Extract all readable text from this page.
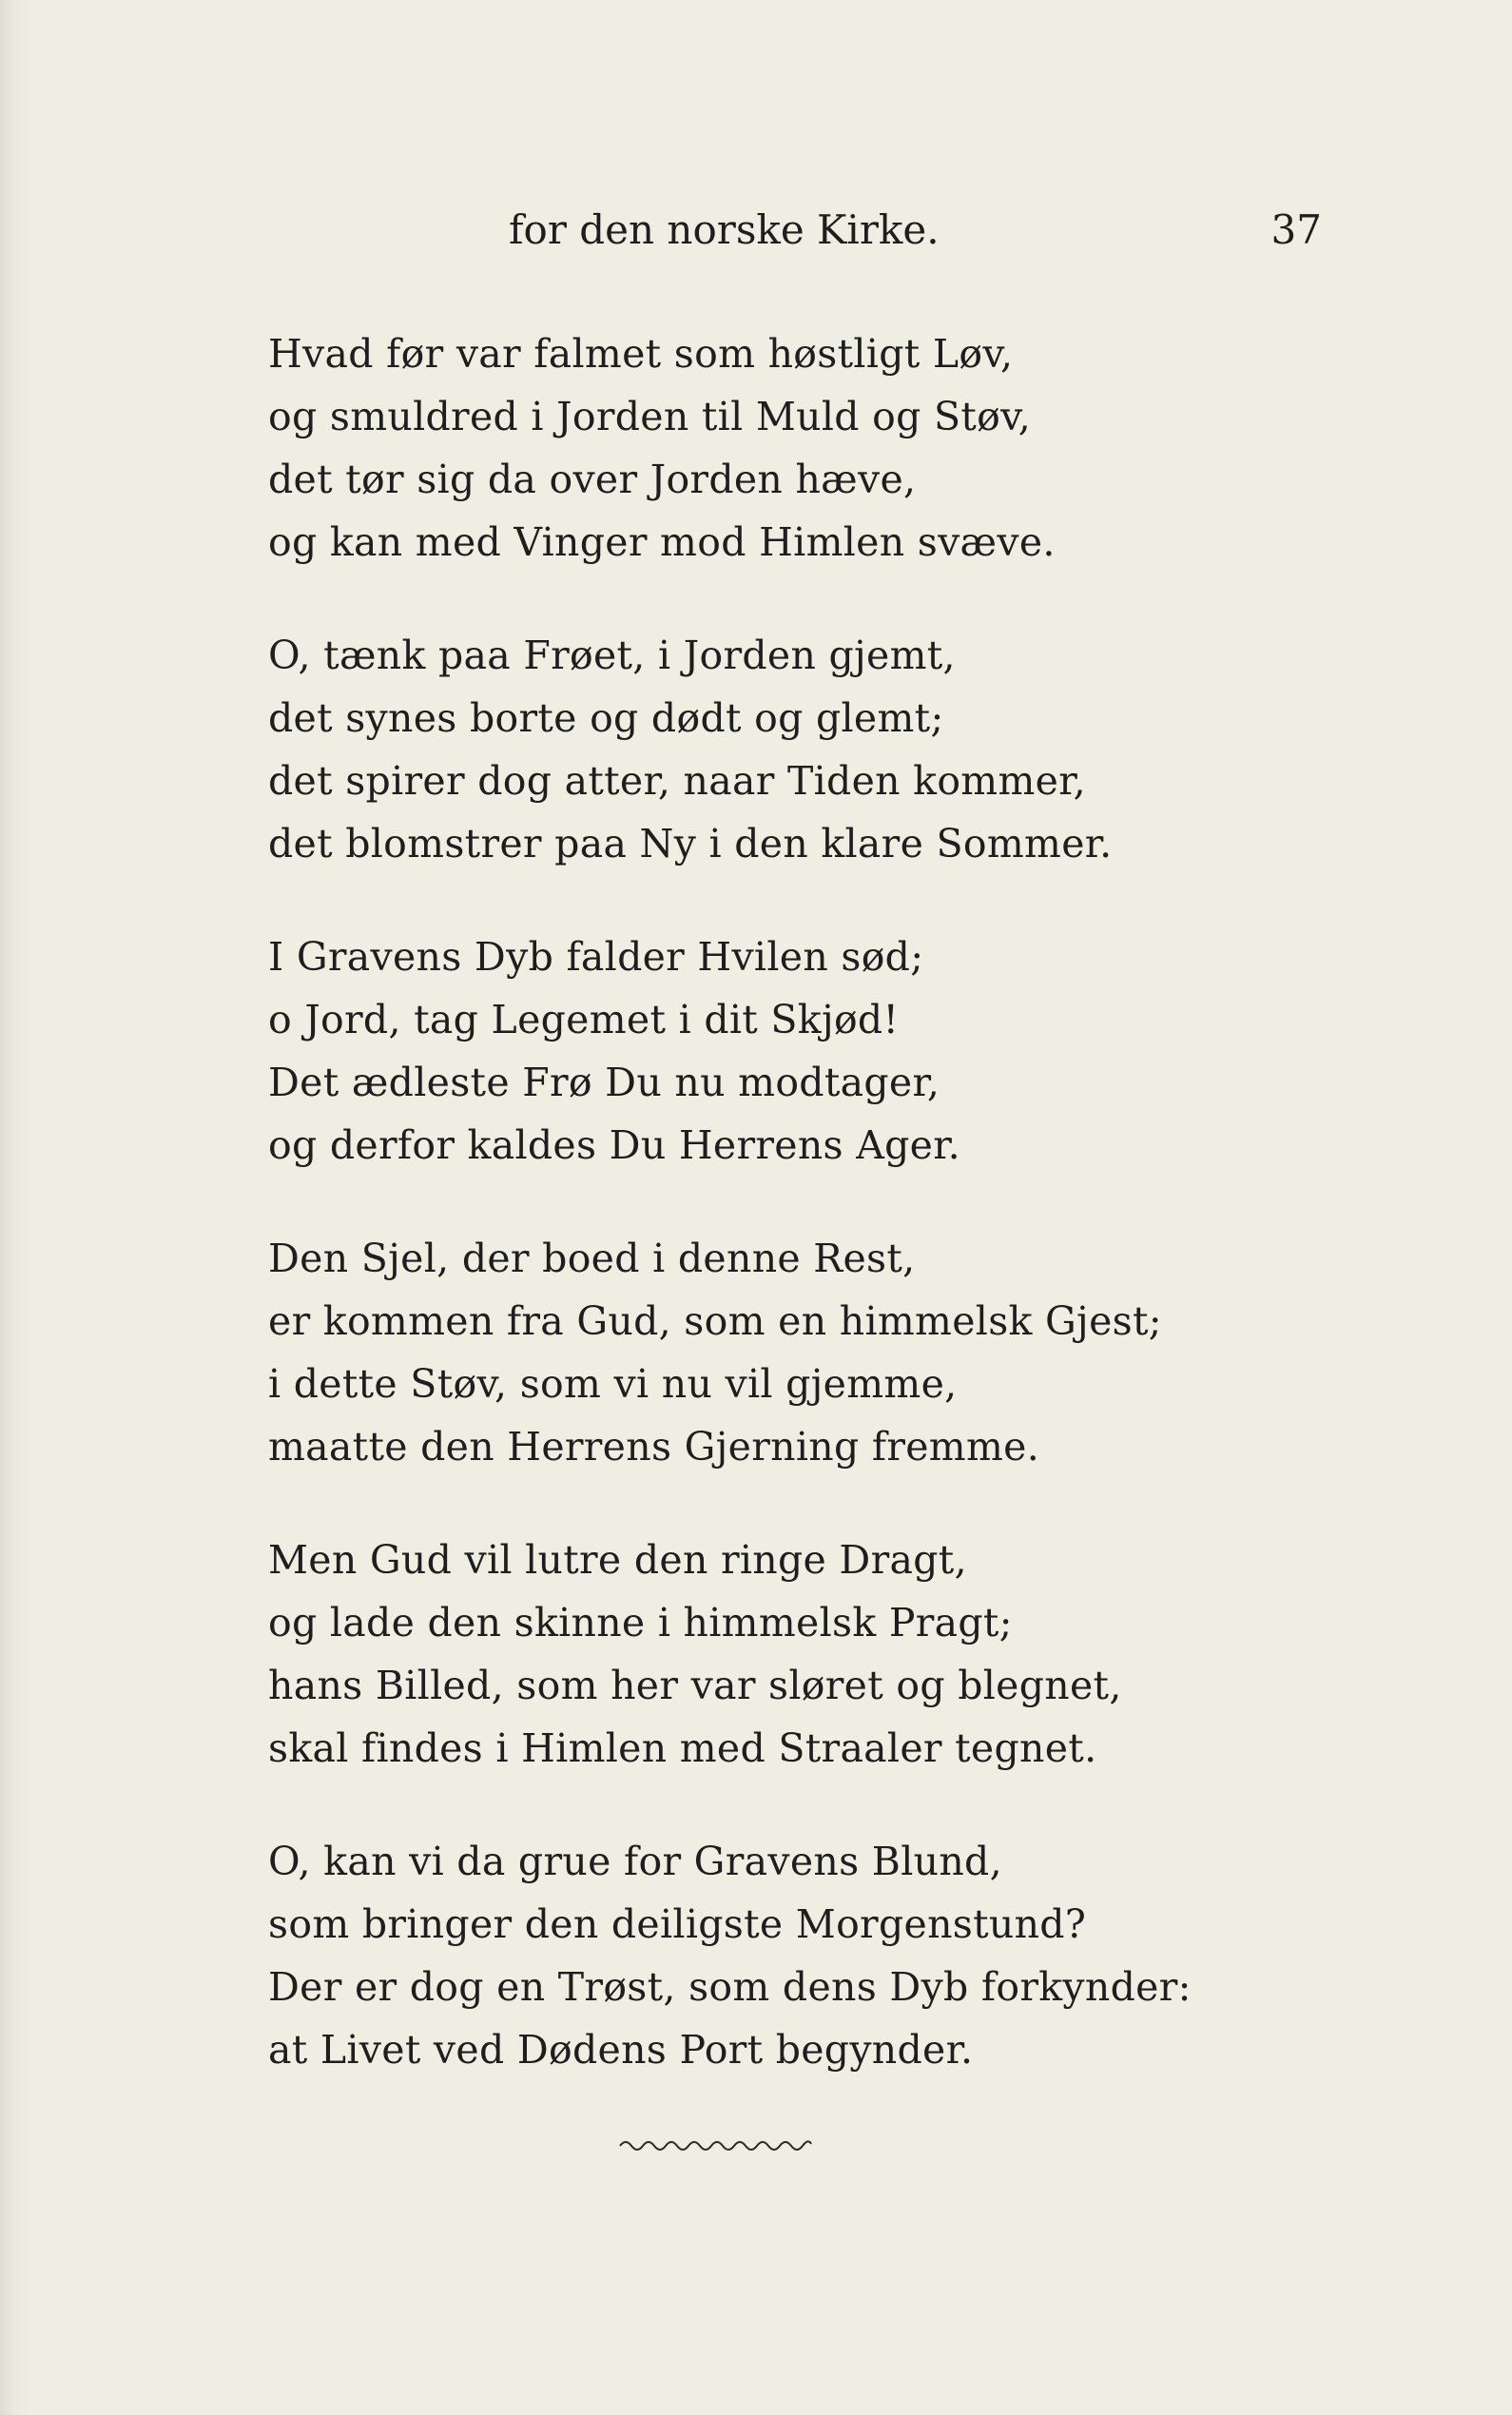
for den norske Kirke.	37
Hvad før var falmet som høstligt Løv,
og smuldred i Jorden til Muld og Støv,
det tør sig da over Jorden hæve,
og kan med Vinger mod Himlen svæve.
O, tænk paa Frøet, i Jorden gjemt,
det synes borte og dødt og glemt;
det spirer dog atter, naar Tiden kommer,
det blomstrer paa Ny i den klare Sommer.
I Gravens Dyb falder Hvilen sød;
o Jord, tag Legemet i dit Skjød!
Det ædleste Frø Du nu modtager,
og derfor kaldes Du Herrens Ager.
Den Sjel, der boed i denne Rest,
er kommen fra Gud, som en himmelsk Gjest;
i dette Støv, som vi nu vil gjemme,
maatte den Herrens Gjerning fremme.
Men Gud vil lutre den ringe Dragt,
og lade den skinne i himmelsk Pragt;
hans Billed, som her var sløret og blegnet,
skal findes i Himlen med Straaler tegnet.
O, kan vi da grue for Gravens Blund,
som bringer den deiligste Morgenstund?
Der er dog en Trøst, som dens Dyb forkynder:
at Livet ved Dødens Port begynder.
